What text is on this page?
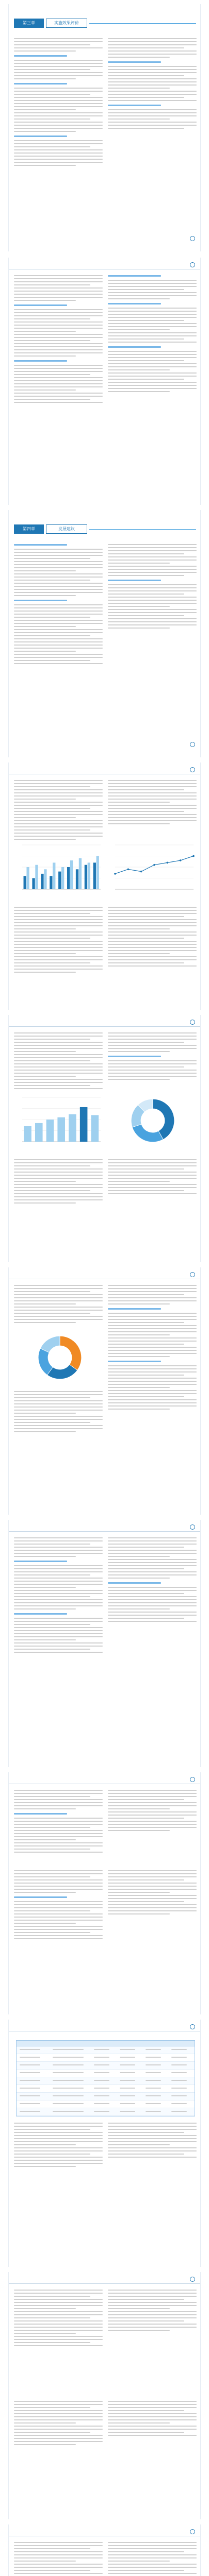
第三章	实施效果评价
第四章	发展建议
